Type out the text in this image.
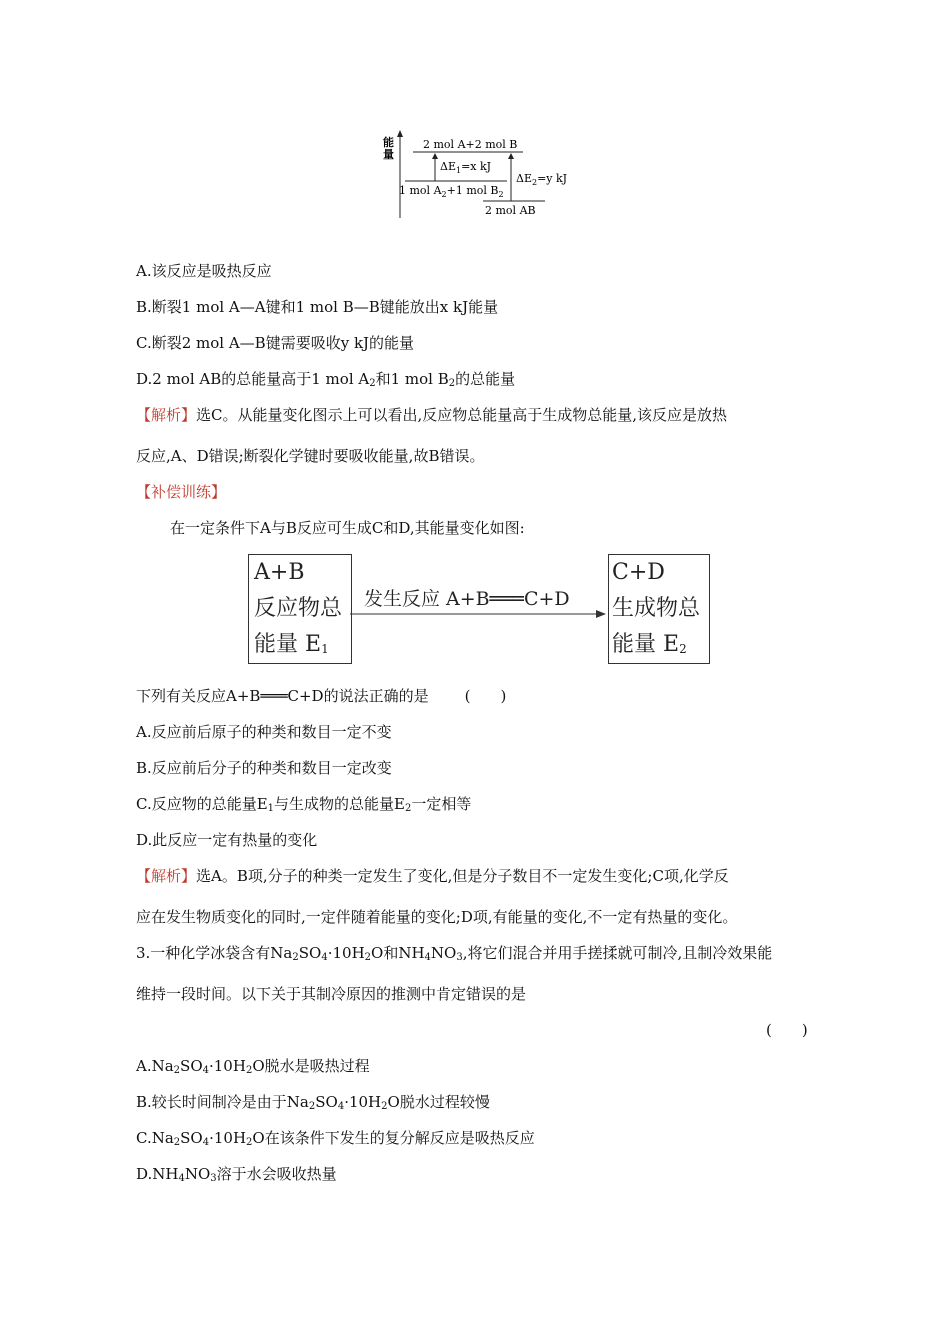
能
量
2 mol A+2 mol B
1 mol $A_2+1$ mol $B_2$
2 mol AB
$\Delta E_1=x$ kJ
$\Delta E_2=y$ kJ
A.该反应是吸热反应
B.断裂1 mol A—A键和1 mol B—B键能放出x kJ能量
C.断裂2 mol A—B键需要吸收y kJ的能量
D.2 mol AB的总能量高于1 mol $A_2$和1 mol $B_2$的总能量
【解析】选C。从能量变化图示上可以看出,反应物总能量高于生成物总能量,该反应是放热
反应,A、D错误;断裂化学键时要吸收能量,故B错误。
【补偿训练】
在一定条件下A与B反应可生成C和D,其能量变化如图:
A+B
反应物总
能量 $E_1$
发生反应 A+B═══C+D
C+D
生成物总
能量 $E_2$
下列有关反应A+B═══C+D的说法正确的是 (　　)
A.反应前后原子的种类和数目一定不变
B.反应前后分子的种类和数目一定改变
C.反应物的总能量$E_1$与生成物的总能量$E_2$一定相等
D.此反应一定有热量的变化
【解析】选A。B项,分子的种类一定发生了变化,但是分子数目不一定发生变化;C项,化学反
应在发生物质变化的同时,一定伴随着能量的变化;D项,有能量的变化,不一定有热量的变化。
3.一种化学冰袋含有$Na_2SO_4\cdot 10H_2O$和$NH_4NO_3$,将它们混合并用手搓揉就可制冷,且制冷效果能
维持一段时间。以下关于其制冷原因的推测中肯定错误的是
(　　)
$A.Na_2SO_4\cdot 10H_2O$脱水是吸热过程
B.较长时间制冷是由于$Na_2SO_4\cdot 10H_2O$脱水过程较慢
$C.Na_2SO_4\cdot 10H_2O$在该条件下发生的复分解反应是吸热反应
$D.NH_4NO_3$溶于水会吸收热量
